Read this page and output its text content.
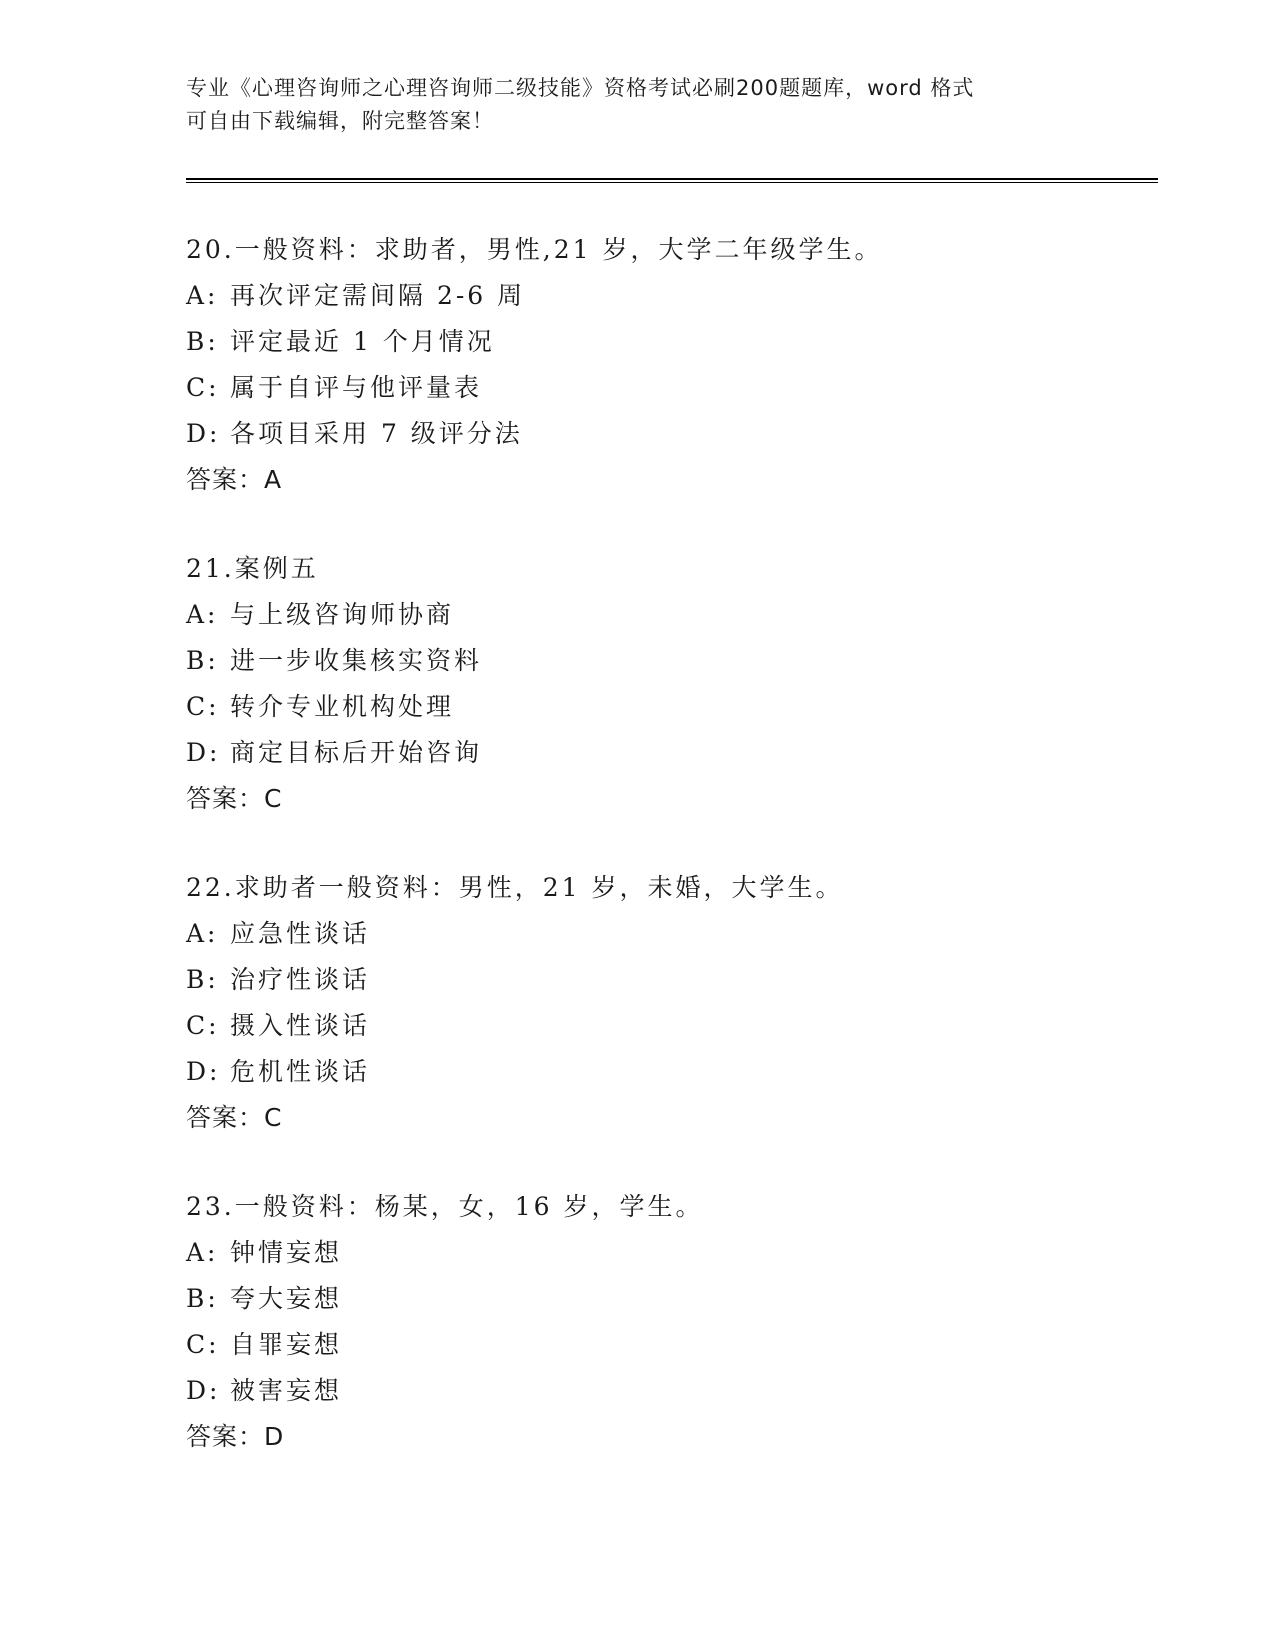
专业《心理咨询师之心理咨询师二级技能》资格考试必刷200题题库，word 格式
可自由下载编辑，附完整答案！
20.一般资料：求助者，男性,21 岁，大学二年级学生。
A: 再次评定需间隔 2-6 周
B: 评定最近 1 个月情况
C: 属于自评与他评量表
D: 各项目采用 7 级评分法
答案：A
21.案例五
A: 与上级咨询师协商
B: 进一步收集核实资料
C: 转介专业机构处理
D: 商定目标后开始咨询
答案：C
22.求助者一般资料：男性，21 岁，未婚，大学生。
A: 应急性谈话
B: 治疗性谈话
C: 摄入性谈话
D: 危机性谈话
答案：C
23.一般资料：杨某，女，16 岁，学生。
A: 钟情妄想
B: 夸大妄想
C: 自罪妄想
D: 被害妄想
答案：D
